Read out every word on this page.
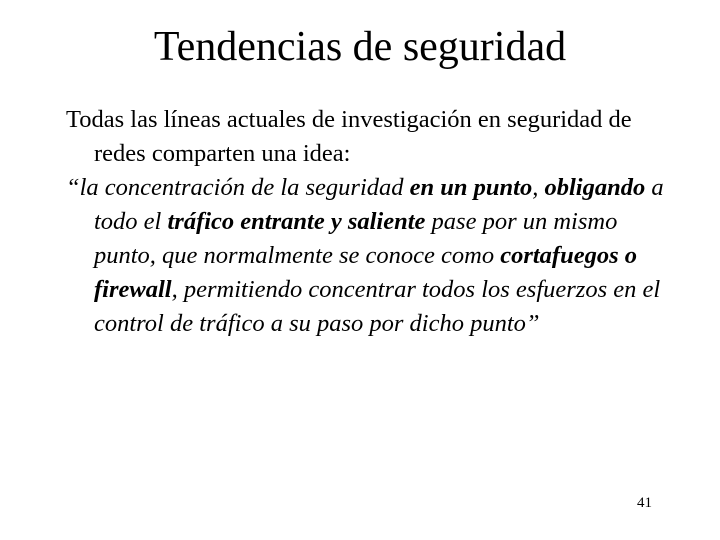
Tendencias de seguridad

Todas las líneas actuales de investigación en seguridad de redes comparten una idea:

“la concentración de la seguridad en un punto, obligando a todo el tráfico entrante y saliente pase por un mismo punto, que normalmente se conoce como cortafuegos o firewall, permitiendo concentrar todos los esfuerzos en el control de tráfico a su paso por dicho punto”

41
